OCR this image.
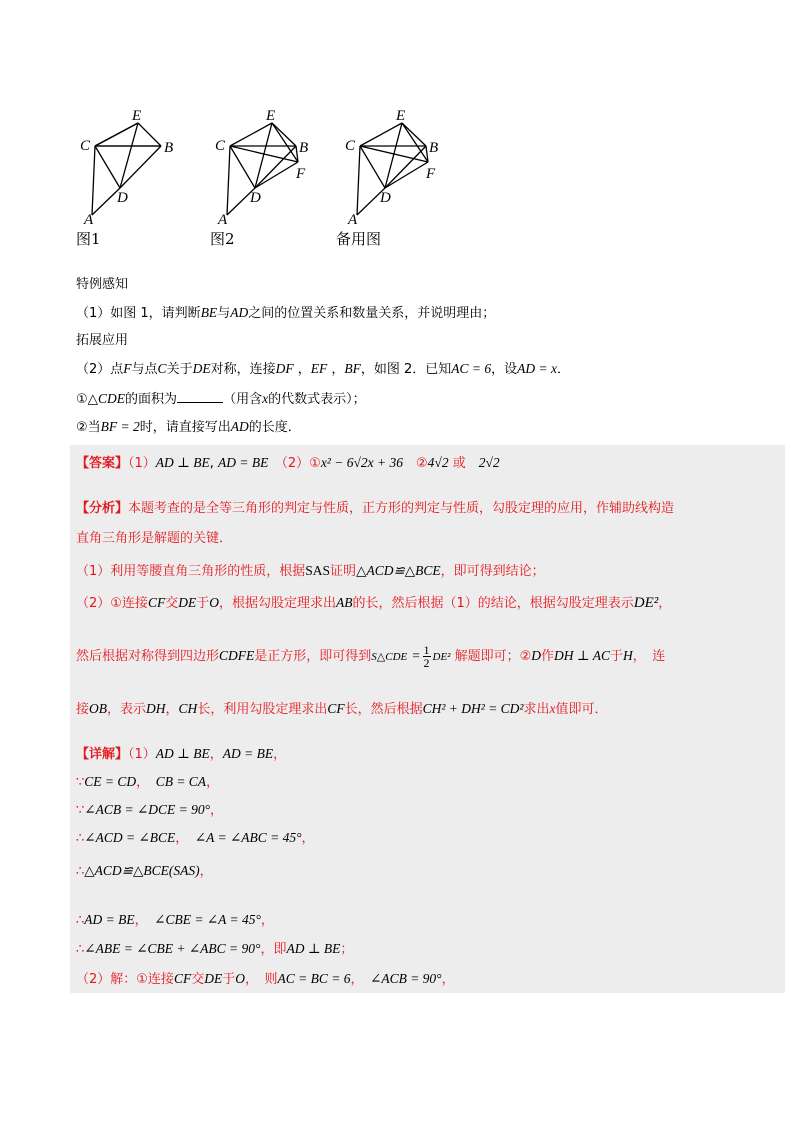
E
C	B
D
A
E
C	B
F
D
A
E
C	B
F
D
A
图1	图2	备用图
特例感知
（1）如图 1，请判断BE与AD之间的位置关系和数量关系，并说明理由；
拓展应用
（2）点F与点C关于DE对称，连接DF ，EF ，BF，如图 2．已知AC = 6，设AD = x．
①△CDE的面积为	（用含x的代数式表示）；
②当BF = 2时，请直接写出AD的长度．
【答案】（1）AD ⊥ BE, AD = BE　 （2）①x² − 6√2x + 36　 ②4√2 或　 2√2
【分析】本题考查的是全等三角形的判定与性质，正方形的判定与性质，勾股定理的应用，作辅助线构造
直角三角形是解题的关键．
（1）利用等腰直角三角形的性质，根据SAS证明△ACD≌△BCE，即可得到结论；
（2）①连接CF交DE于O，根据勾股定理求出AB的长，然后根据（1）的结论，根据勾股定理表示DE²，
然后根据对称得到四边形CDFE是正方形，即可得到S△CDE = $\frac{1}{2} DE^2$ 解题即可；②D作DH ⊥ AC于H，　连
接OB，表示DH，CH长，利用勾股定理求出CF长，然后根据CH² + DH² = CD²求出x值即可．
【详解】（1）AD ⊥ BE，AD = BE，
∵CE = CD，　 CB = CA，
∵∠ACB = ∠DCE = 90°，
∴∠ACD = ∠BCE，　 ∠A = ∠ABC = 45°，
∴△ACD≌△BCE(SAS)，
∴AD = BE，　 ∠CBE = ∠A = 45°，
∴∠ABE = ∠CBE + ∠ABC = 90°，即AD ⊥ BE；
（2）解：①连接CF交DE于O，　则AC = BC = 6，　 ∠ACB = 90°，
